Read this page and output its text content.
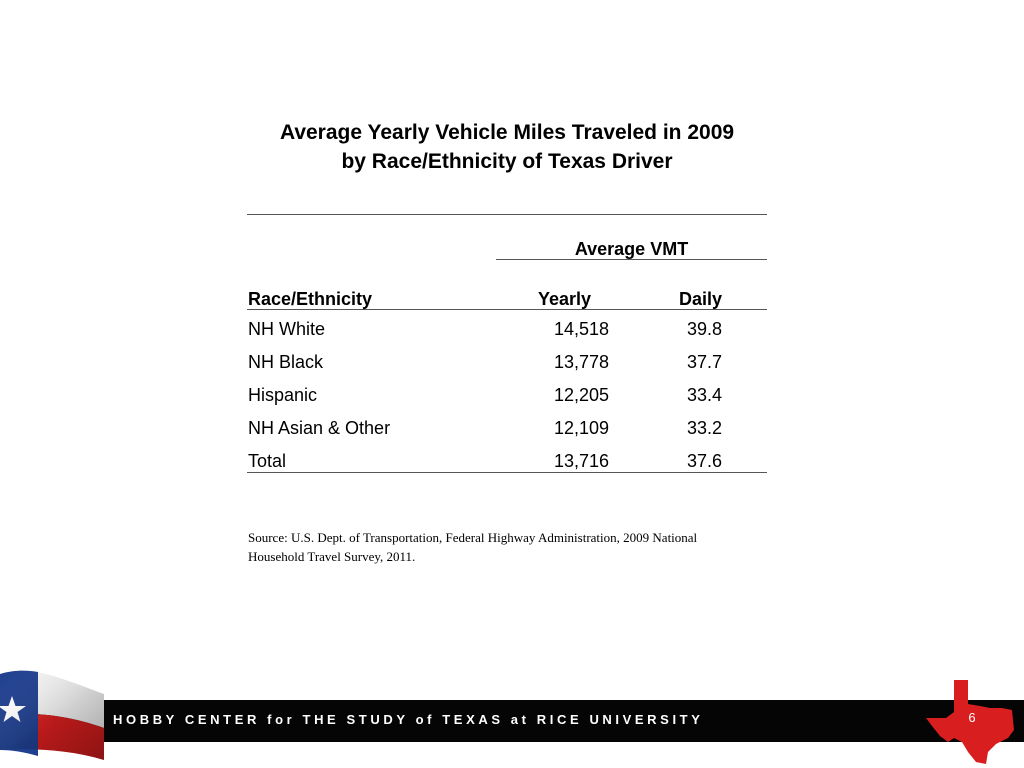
Average Yearly Vehicle Miles Traveled in 2009
by Race/Ethnicity of Texas Driver
Average VMT
Race/Ethnicity	Yearly	Daily
NH White	14,518	39.8
NH Black	13,778	37.7
Hispanic	12,205	33.4
NH Asian & Other	12,109	33.2
Total	13,716	37.6
Source: U.S. Dept. of Transportation, Federal Highway Administration, 2009 National
Household Travel Survey, 2011.
HOBBY CENTER for THE STUDY of TEXAS at RICE UNIVERSITY	6
